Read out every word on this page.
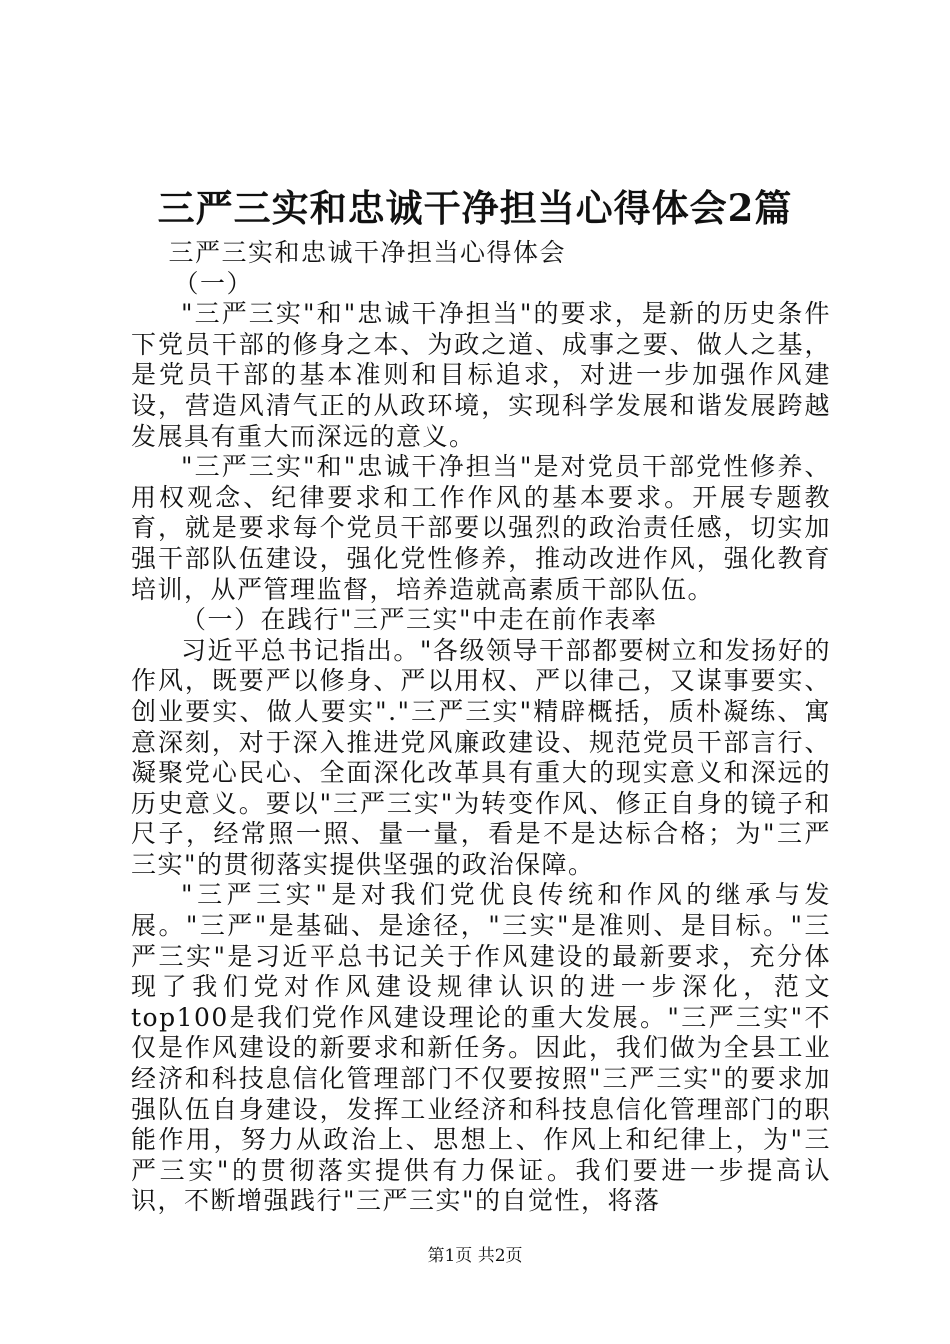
三严三实和忠诚干净担当心得体会2篇

三严三实和忠诚干净担当心得体会

（一）

"三严三实"和"忠诚干净担当"的要求，是新的历史条件下党员干部的修身之本、为政之道、成事之要、做人之基，是党员干部的基本准则和目标追求，对进一步加强作风建设，营造风清气正的从政环境，实现科学发展和谐发展跨越发展具有重大而深远的意义。

"三严三实"和"忠诚干净担当"是对党员干部党性修养、用权观念、纪律要求和工作作风的基本要求。开展专题教育，就是要求每个党员干部要以强烈的政治责任感，切实加强干部队伍建设，强化党性修养，推动改进作风，强化教育培训，从严管理监督，培养造就高素质干部队伍。

（一）在践行"三严三实"中走在前作表率

习近平总书记指出。"各级领导干部都要树立和发扬好的作风，既要严以修身、严以用权、严以律己，又谋事要实、创业要实、做人要实"."三严三实"精辟概括，质朴凝练、寓意深刻，对于深入推进党风廉政建设、规范党员干部言行、凝聚党心民心、全面深化改革具有重大的现实意义和深远的历史意义。要以"三严三实"为转变作风、修正自身的镜子和尺子，经常照一照、量一量，看是不是达标合格；为"三严三实"的贯彻落实提供坚强的政治保障。

"三严三实"是对我们党优良传统和作风的继承与发展。"三严"是基础、是途径，"三实"是准则、是目标。"三严三实"是习近平总书记关于作风建设的最新要求，充分体现了我们党对作风建设规律认识的进一步深化，范文top100是我们党作风建设理论的重大发展。"三严三实"不仅是作风建设的新要求和新任务。因此，我们做为全县工业经济和科技息信化管理部门不仅要按照"三严三实"的要求加强队伍自身建设，发挥工业经济和科技息信化管理部门的职能作用，努力从政治上、思想上、作风上和纪律上，为"三严三实"的贯彻落实提供有力保证。我们要进一步提高认识，不断增强践行"三严三实"的自觉性，将落

第1页 共2页
